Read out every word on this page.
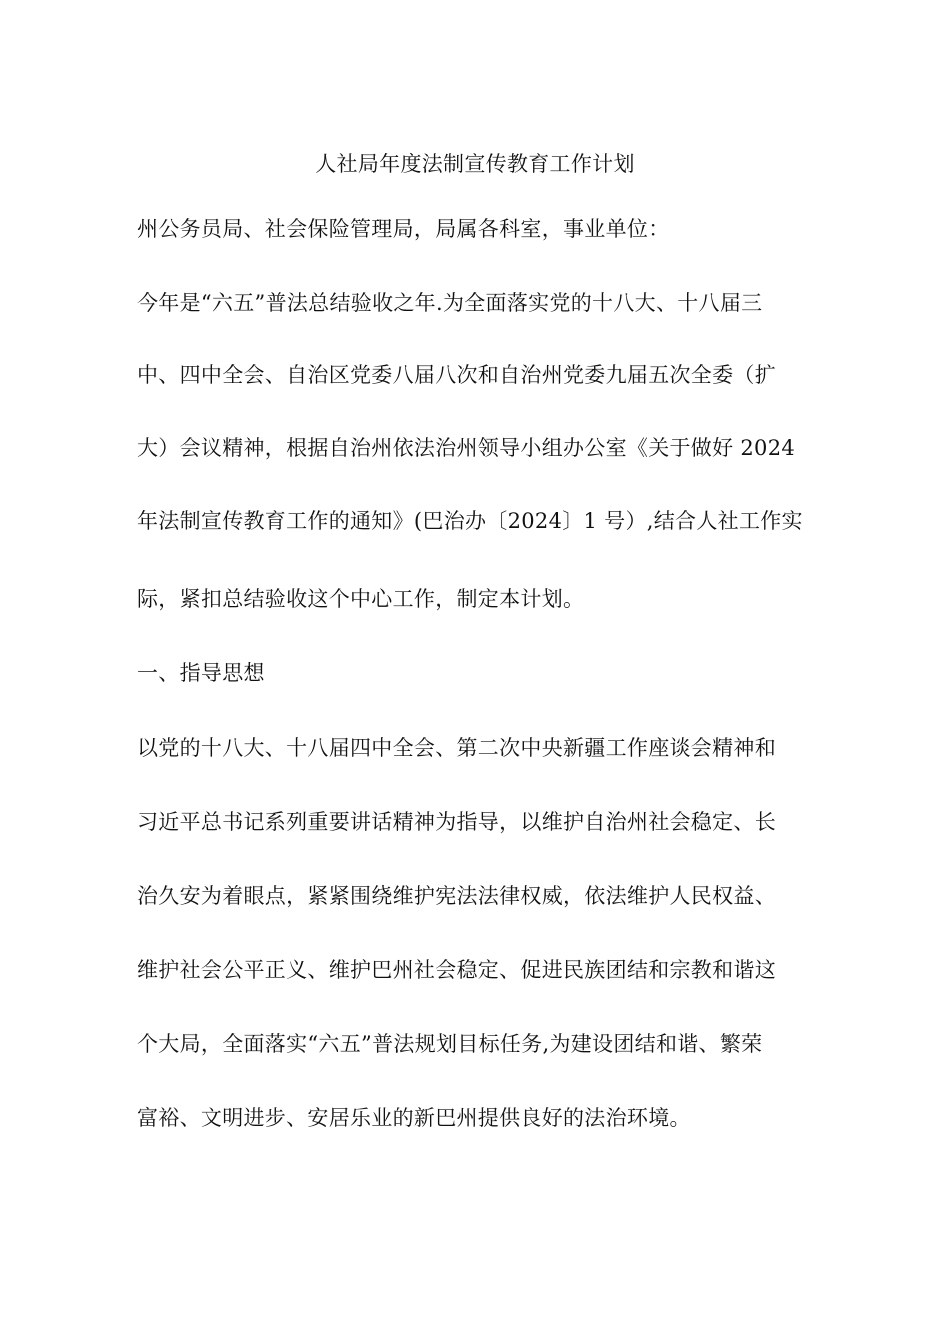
人社局年度法制宣传教育工作计划
州公务员局、社会保险管理局，局属各科室，事业单位：
今年是“六五”普法总结验收之年.为全面落实党的十八大、十八届三
中、四中全会、自治区党委八届八次和自治州党委九届五次全委（扩
大）会议精神，根据自治州依法治州领导小组办公室《关于做好 2024
年法制宣传教育工作的通知》(巴治办〔2024〕1 号）,结合人社工作实
际，紧扣总结验收这个中心工作，制定本计划。
一、指导思想
以党的十八大、十八届四中全会、第二次中央新疆工作座谈会精神和
习近平总书记系列重要讲话精神为指导，以维护自治州社会稳定、长
治久安为着眼点，紧紧围绕维护宪法法律权威，依法维护人民权益、
维护社会公平正义、维护巴州社会稳定、促进民族团结和宗教和谐这
个大局，全面落实“六五”普法规划目标任务,为建设团结和谐、繁荣
富裕、文明进步、安居乐业的新巴州提供良好的法治环境。
